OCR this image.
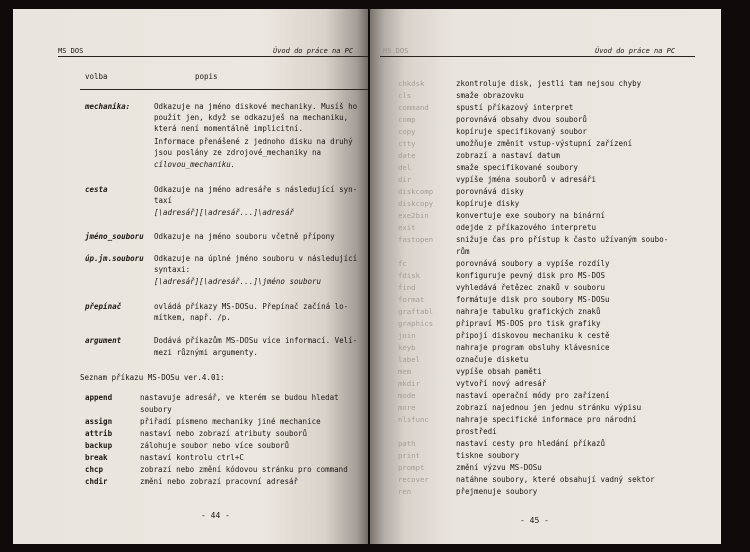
MS DOS	Úvod do práce na PC
volba	popis
mechanika:	Odkazuje na jméno diskové mechaniky. Musíš ho
použít jen, když se odkazuješ na mechaniku,
která není momentálně implicitní.
Informace přenášené z jednoho disku na druhý
jsou poslány ze zdrojové_mechaniky na
cílovou_mechaniku.
cesta	Odkazuje na jméno adresáře s následující syn-
taxí
[\adresář][\adresář...]\adresář
jméno_souboru Odkazuje na jméno souboru včetně přípony
úp.jm.souboru Odkazuje na úplné jméno souboru v následující
syntaxi:
[\adresář][\adresář...]\jméno souboru
přepínač	ovládá příkazy MS-DOSu. Přepínač začíná lo-
mítkem, např. /p.
argument	Dodává příkazům MS-DOSu více informací. Velí-
mezi různými argumenty.
Seznam příkazu MS-DOSu ver.4.01:
append	nastavuje adresář, ve kterém se budou hledat
soubory
assign	přiřadí písmeno mechaniky jiné mechanice
attrib	nastaví nebo zobrazí atributy souborů
backup	zálohuje soubor nebo více souborů
break	nastaví kontrolu ctrl+C
chcp	zobrazí nebo změní kódovou stránku pro command
chdir	změní nebo zobrazí pracovní adresář
- 44 -
MS DOS	Úvod do práce na PC
chkdsk	zkontroluje disk, jestli tam nejsou chyby
cls	smaže obrazovku
command	spustí příkazový interpret
comp	porovnává obsahy dvou souborů
copy	kopíruje specifikovaný soubor
ctty	umožňuje změnit vstup-výstupní zařízení
date	zobrazí a nastaví datum
del	smaže specifikované soubory
dir	vypíše jména souborů v adresáři
diskcomp	porovnává disky
diskcopy	kopíruje disky
exe2bin	konvertuje exe soubory na binární
exit	odejde z příkazového interpretu
fastopen	snižuje čas pro přístup k často užívaným soubo-
rům
fc	porovnává soubory a vypíše rozdíly
fdisk	konfiguruje pevný disk pro MS-DOS
find	vyhledává řetězec znaků v souboru
format	formátuje disk pro soubory MS-DOSu
graftabl	nahraje tabulku grafických znaků
graphics	připraví MS-DOS pro tisk grafiky
join	připojí diskovou mechaniku k cestě
keyb	nahraje program obsluhy klávesnice
label	označuje disketu
mem	vypíše obsah paměti
mkdir	vytvoří nový adresář
mode	nastaví operační módy pro zařízení
more	zobrazí najednou jen jednu stránku výpisu
nlsfunc	nahraje specifické informace pro národní
prostředí
path	nastaví cesty pro hledání příkazů
print	tiskne soubory
prompt	změní výzvu MS-DOSu
recover	natáhne soubory, které obsahují vadný sektor
ren	přejmenuje soubory
- 45 -
